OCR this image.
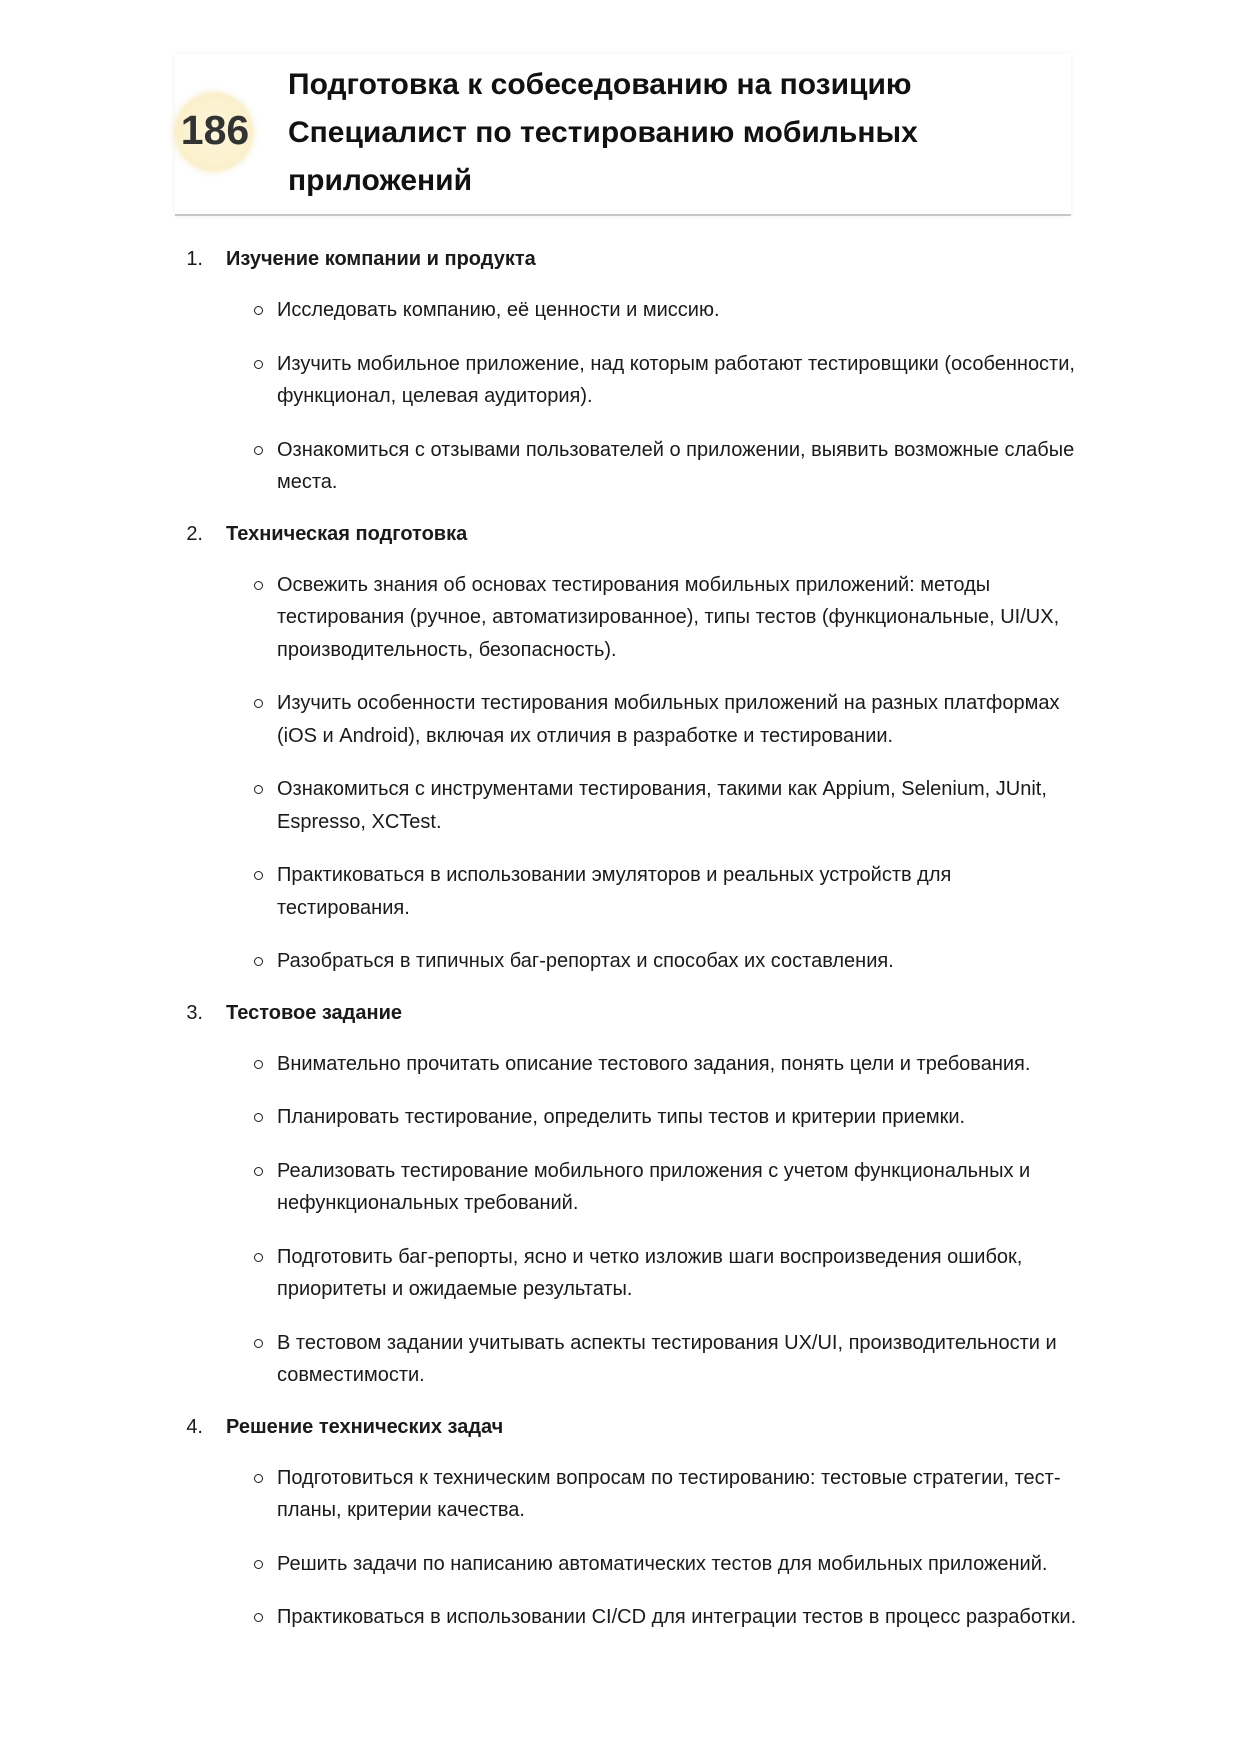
186
Подготовка к собеседованию на позицию Специалист по тестированию мобильных приложений
1. Изучение компании и продукта
Исследовать компанию, её ценности и миссию.
Изучить мобильное приложение, над которым работают тестировщики (особенности, функционал, целевая аудитория).
Ознакомиться с отзывами пользователей о приложении, выявить возможные слабые места.
2. Техническая подготовка
Освежить знания об основах тестирования мобильных приложений: методы тестирования (ручное, автоматизированное), типы тестов (функциональные, UI/UX, производительность, безопасность).
Изучить особенности тестирования мобильных приложений на разных платформах (iOS и Android), включая их отличия в разработке и тестировании.
Ознакомиться с инструментами тестирования, такими как Appium, Selenium, JUnit, Espresso, XCTest.
Практиковаться в использовании эмуляторов и реальных устройств для тестирования.
Разобраться в типичных баг-репортах и способах их составления.
3. Тестовое задание
Внимательно прочитать описание тестового задания, понять цели и требования.
Планировать тестирование, определить типы тестов и критерии приемки.
Реализовать тестирование мобильного приложения с учетом функциональных и нефункциональных требований.
Подготовить баг-репорты, ясно и четко изложив шаги воспроизведения ошибок, приоритеты и ожидаемые результаты.
В тестовом задании учитывать аспекты тестирования UX/UI, производительности и совместимости.
4. Решение технических задач
Подготовиться к техническим вопросам по тестированию: тестовые стратегии, тест-планы, критерии качества.
Решить задачи по написанию автоматических тестов для мобильных приложений.
Практиковаться в использовании CI/CD для интеграции тестов в процесс разработки.
